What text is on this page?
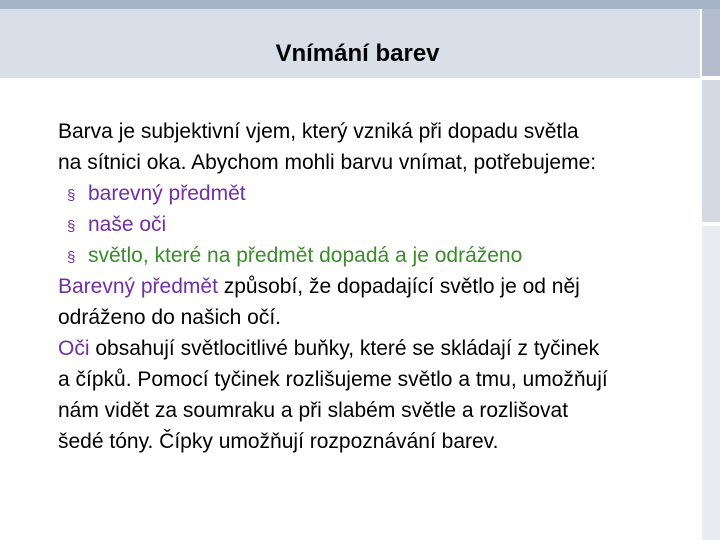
Vnímání barev
Barva je subjektivní vjem, který vzniká při dopadu světla
na sítnici oka. Abychom mohli barvu vnímat, potřebujeme:
§ barevný předmět
§ naše oči
§ světlo, které na předmět dopadá a je odráženo
Barevný předmět způsobí, že dopadající světlo je od něj
odráženo do našich očí.
Oči obsahují světlocitlivé buňky, které se skládají z tyčinek
a čípků. Pomocí tyčinek rozlišujeme světlo a tmu, umožňují
nám vidět za soumraku a při slabém světle a rozlišovat
šedé tóny. Čípky umožňují rozpoznávání barev.
